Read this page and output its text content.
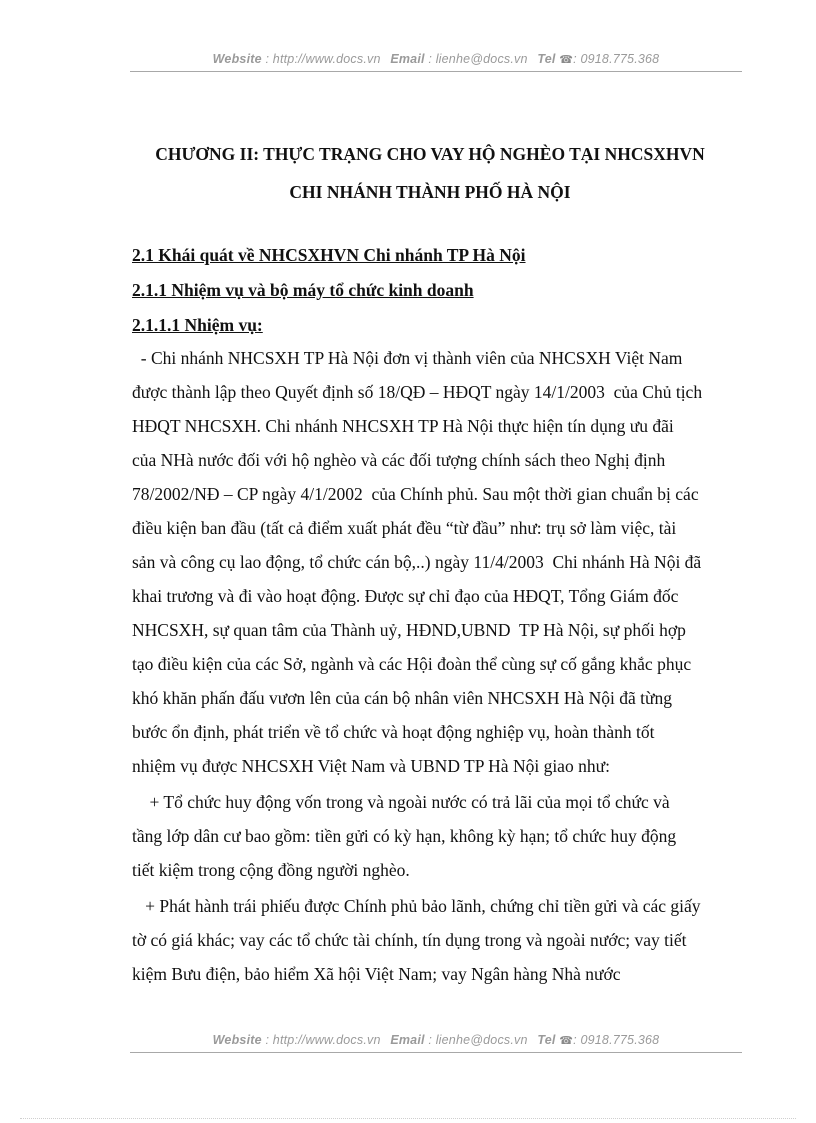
Website : http://www.docs.vn Email : lienhe@docs.vn Tel ☎: 0918.775.368
CHƯƠNG II: THỰC TRẠNG CHO VAY HỘ NGHÈO TẠI NHCSXHVN
CHI NHÁNH THÀNH PHỐ HÀ NỘI
2.1 Khái quát về NHCSXHVN Chi nhánh TP Hà Nội
2.1.1 Nhiệm vụ và bộ máy tổ chức kinh doanh
2.1.1.1 Nhiệm vụ:
- Chi nhánh NHCSXH TP Hà Nội đơn vị thành viên của NHCSXH Việt Nam
được thành lập theo Quyết định số 18/QĐ – HĐQT ngày 14/1/2003  của Chủ tịch
HĐQT NHCSXH. Chi nhánh NHCSXH TP Hà Nội thực hiện tín dụng ưu đãi
của NHà nước đối với hộ nghèo và các đối tượng chính sách theo Nghị định
78/2002/NĐ – CP ngày 4/1/2002  của Chính phủ. Sau một thời gian chuẩn bị các
điều kiện ban đầu (tất cả điểm xuất phát đều “từ đầu” như: trụ sở làm việc, tài
sản và công cụ lao động, tổ chức cán bộ,..) ngày 11/4/2003  Chi nhánh Hà Nội đã
khai trương và đi vào hoạt động. Được sự chỉ đạo của HĐQT, Tổng Giám đốc
NHCSXH, sự quan tâm của Thành uỷ, HĐND,UBND  TP Hà Nội, sự phối hợp
tạo điều kiện của các Sở, ngành và các Hội đoàn thể cùng sự cố gắng khắc phục
khó khăn phấn đấu vươn lên của cán bộ nhân viên NHCSXH Hà Nội đã từng
bước ổn định, phát triển về tổ chức và hoạt động nghiệp vụ, hoàn thành tốt
nhiệm vụ được NHCSXH Việt Nam và UBND TP Hà Nội giao như:
+ Tổ chức huy động vốn trong và ngoài nước có trả lãi của mọi tổ chức và
tầng lớp dân cư bao gồm: tiền gửi có kỳ hạn, không kỳ hạn; tổ chức huy động
tiết kiệm trong cộng đồng người nghèo.
+ Phát hành trái phiếu được Chính phủ bảo lãnh, chứng chỉ tiền gửi và các giấy
tờ có giá khác; vay các tổ chức tài chính, tín dụng trong và ngoài nước; vay tiết
kiệm Bưu điện, bảo hiểm Xã hội Việt Nam; vay Ngân hàng Nhà nước
Website : http://www.docs.vn Email : lienhe@docs.vn Tel ☎: 0918.775.368
